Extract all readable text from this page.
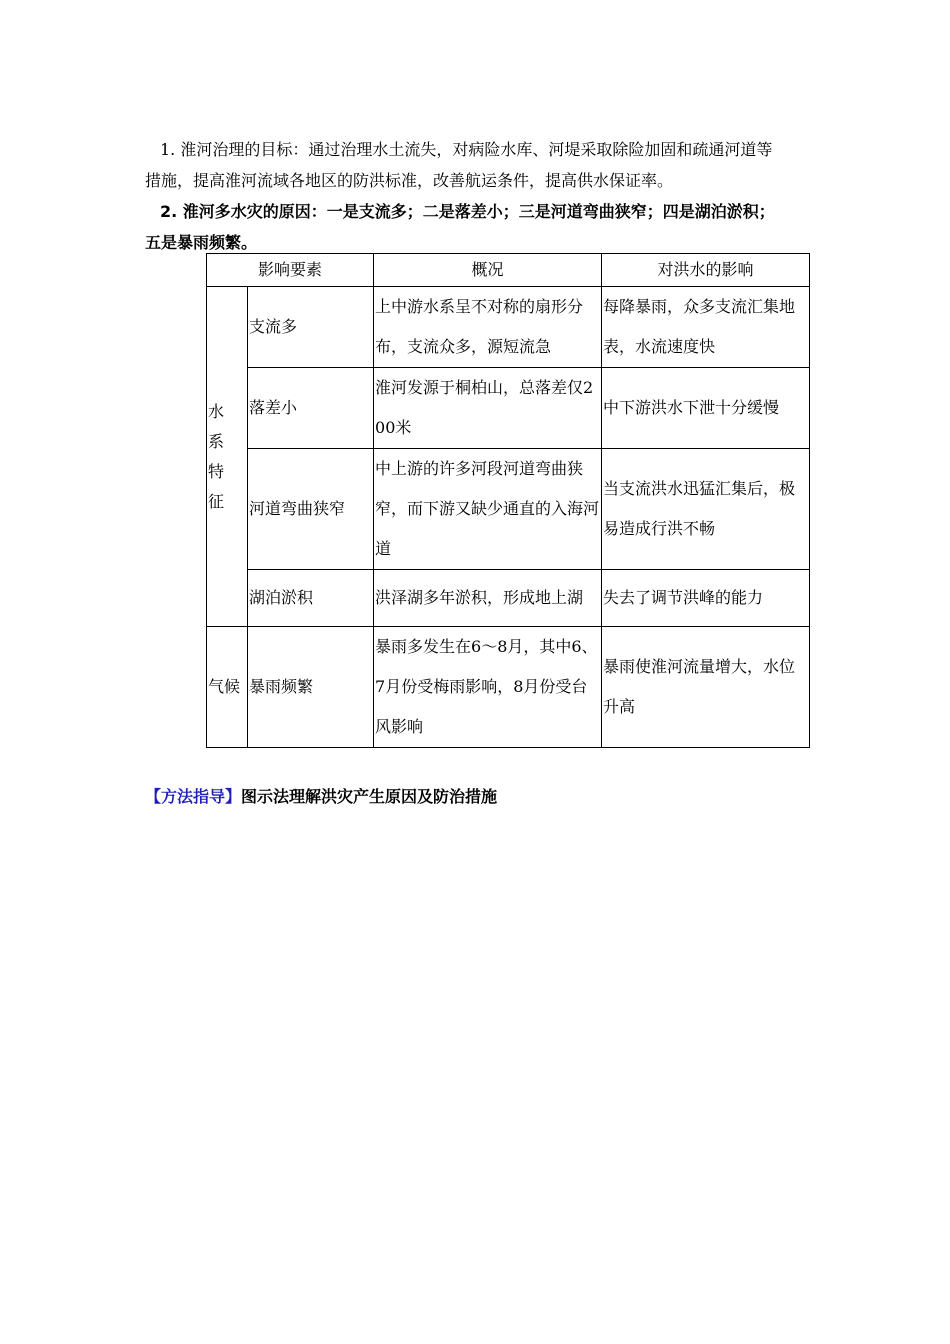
1. 淮河治理的目标：通过治理水土流失，对病险水库、河堤采取除险加固和疏通河道等
措施，提高淮河流域各地区的防洪标准，改善航运条件，提高供水保证率。
2. 淮河多水灾的原因：一是支流多；二是落差小；三是河道弯曲狭窄；四是湖泊淤积；
五是暴雨频繁。
影响要素		概况	对洪水的影响

水
系
特
征	支流多	上中游水系呈不对称的扇形分布，支流众多，源短流急	每降暴雨，众多支流汇集地表，水流速度快
	落差小	淮河发源于桐柏山，总落差仅200米	中下游洪水下泄十分缓慢
	河道弯曲狭窄	中上游的许多河段河道弯曲狭窄，而下游又缺少通直的入海河道	当支流洪水迅猛汇集后，极易造成行洪不畅
	湖泊淤积	洪泽湖多年淤积，形成地上湖	失去了调节洪峰的能力
气候	暴雨频繁	暴雨多发生在6～8月，其中6、7月份受梅雨影响，8月份受台风影响	暴雨使淮河流量增大，水位升高
【方法指导】图示法理解洪灾产生原因及防治措施
